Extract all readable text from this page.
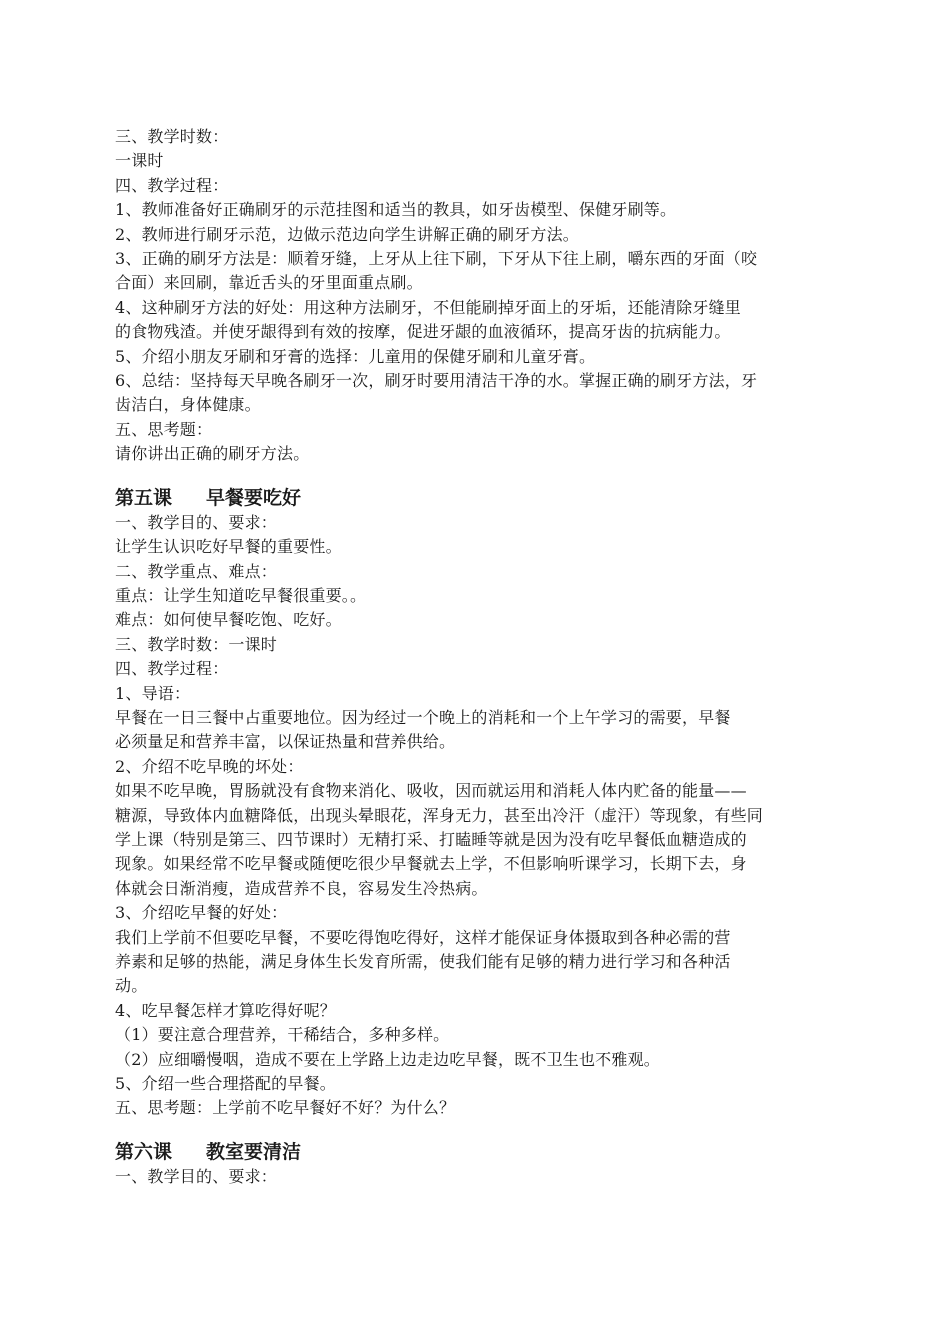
三、教学时数：
一课时
四、教学过程：
1、教师准备好正确刷牙的示范挂图和适当的教具，如牙齿模型、保健牙刷等。
2、教师进行刷牙示范，边做示范边向学生讲解正确的刷牙方法。
3、正确的刷牙方法是：顺着牙缝，上牙从上往下刷，下牙从下往上刷，嚼东西的牙面（咬
合面）来回刷，靠近舌头的牙里面重点刷。
4、这种刷牙方法的好处：用这种方法刷牙，不但能刷掉牙面上的牙垢，还能清除牙缝里
的食物残渣。并使牙龈得到有效的按摩，促进牙龈的血液循环，提高牙齿的抗病能力。
5、介绍小朋友牙刷和牙膏的选择：儿童用的保健牙刷和儿童牙膏。
6、总结：坚持每天早晚各刷牙一次，刷牙时要用清洁干净的水。掌握正确的刷牙方法，牙
齿洁白，身体健康。
五、思考题：
请你讲出正确的刷牙方法。
第五课 早餐要吃好
一、教学目的、要求：
让学生认识吃好早餐的重要性。
二、教学重点、难点：
重点：让学生知道吃早餐很重要。。
难点：如何使早餐吃饱、吃好。
三、教学时数：一课时
四、教学过程：
1、导语：
早餐在一日三餐中占重要地位。因为经过一个晚上的消耗和一个上午学习的需要，早餐
必须量足和营养丰富，以保证热量和营养供给。
2、介绍不吃早晚的坏处：
如果不吃早晚，胃肠就没有食物来消化、吸收，因而就运用和消耗人体内贮备的能量——
糖源，导致体内血糖降低，出现头晕眼花，浑身无力，甚至出冷汗（虚汗）等现象，有些同
学上课（特别是第三、四节课时）无精打采、打瞌睡等就是因为没有吃早餐低血糖造成的
现象。如果经常不吃早餐或随便吃很少早餐就去上学，不但影响听课学习，长期下去，身
体就会日渐消瘦，造成营养不良，容易发生冷热病。
3、介绍吃早餐的好处：
我们上学前不但要吃早餐，不要吃得饱吃得好，这样才能保证身体摄取到各种必需的营
养素和足够的热能，满足身体生长发育所需，使我们能有足够的精力进行学习和各种活
动。
4、吃早餐怎样才算吃得好呢？
（1）要注意合理营养，干稀结合，多种多样。
（2）应细嚼慢咽，造成不要在上学路上边走边吃早餐，既不卫生也不雅观。
5、介绍一些合理搭配的早餐。
五、思考题：上学前不吃早餐好不好？为什么？
第六课 教室要清洁
一、教学目的、要求：
